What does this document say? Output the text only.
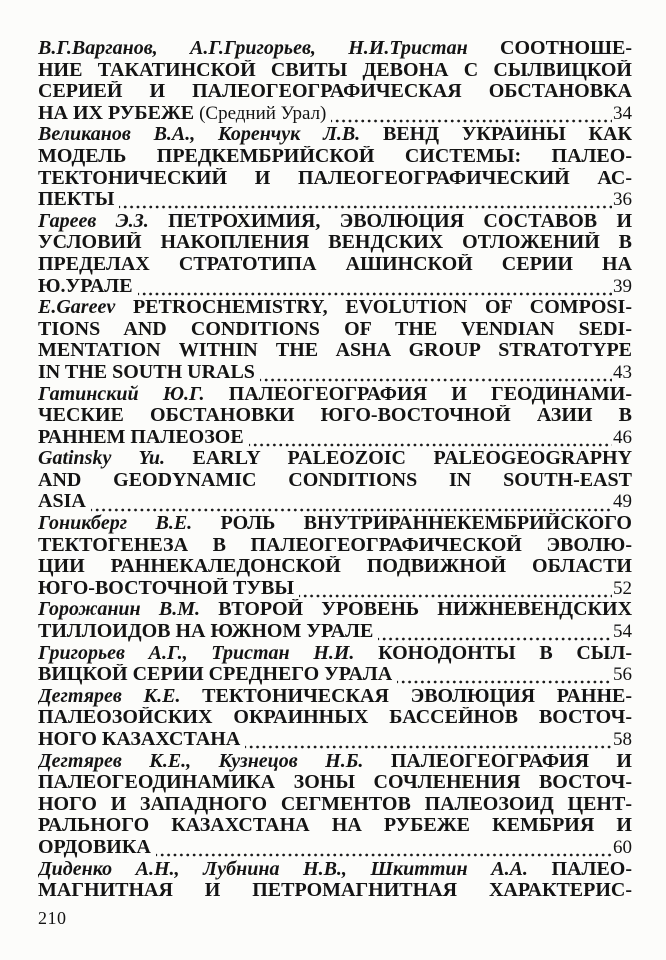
В.Г.Варганов, А.Г.Григорьев, Н.И.Тристан СООТНОШЕ-
НИЕ ТАКАТИНСКОЙ СВИТЫ ДЕВОНА С СЫЛВИЦКОЙ
СЕРИЕЙ И ПАЛЕОГЕОГРАФИЧЕСКАЯ ОБСТАНОВКА
НА ИХ РУБЕЖЕ (Средний Урал)	34
Великанов В.А., Коренчук Л.В. ВЕНД УКРАИНЫ КАК
МОДЕЛЬ ПРЕДКЕМБРИЙСКОЙ СИСТЕМЫ: ПАЛЕО-
ТЕКТОНИЧЕСКИЙ И ПАЛЕОГЕОГРАФИЧЕСКИЙ АС-
ПЕКТЫ	36
Гареев Э.З. ПЕТРОХИМИЯ, ЭВОЛЮЦИЯ СОСТАВОВ И
УСЛОВИЙ НАКОПЛЕНИЯ ВЕНДСКИХ ОТЛОЖЕНИЙ В
ПРЕДЕЛАХ СТРАТОТИПА АШИНСКОЙ СЕРИИ НА
Ю.УРАЛЕ	39
E.Gareev PETROCHEMISTRY, EVOLUTION OF COMPOSI-
TIONS AND CONDITIONS OF THE VENDIAN SEDI-
MENTATION WITHIN THE ASHA GROUP STRATOTYPE
IN THE SOUTH URALS	43
Гатинский Ю.Г. ПАЛЕОГЕОГРАФИЯ И ГЕОДИНАМИ-
ЧЕСКИЕ ОБСТАНОВКИ ЮГО-ВОСТОЧНОЙ АЗИИ В
РАННЕМ ПАЛЕОЗОЕ	46
Gatinsky Yu. EARLY PALEOZOIC PALEOGEOGRAPHY
AND GEODYNAMIC CONDITIONS IN SOUTH-EAST
ASIA	49
Гоникберг В.Е. РОЛЬ ВНУТРИРАННЕКЕМБРИЙСКОГО
ТЕКТОГЕНЕЗА В ПАЛЕОГЕОГРАФИЧЕСКОЙ ЭВОЛЮ-
ЦИИ РАННЕКАЛЕДОНСКОЙ ПОДВИЖНОЙ ОБЛАСТИ
ЮГО-ВОСТОЧНОЙ ТУВЫ	52
Горожанин В.М. ВТОРОЙ УРОВЕНЬ НИЖНЕВЕНДСКИХ
ТИЛЛОИДОВ НА ЮЖНОМ УРАЛЕ	54
Григорьев А.Г., Тристан Н.И. КОНОДОНТЫ В СЫЛ-
ВИЦКОЙ СЕРИИ СРЕДНЕГО УРАЛА	56
Дегтярев К.Е. ТЕКТОНИЧЕСКАЯ ЭВОЛЮЦИЯ РАННЕ-
ПАЛЕОЗОЙСКИХ ОКРАИННЫХ БАССЕЙНОВ ВОСТОЧ-
НОГО КАЗАХСТАНА	58
Дегтярев К.Е., Кузнецов Н.Б. ПАЛЕОГЕОГРАФИЯ И
ПАЛЕОГЕОДИНАМИКА ЗОНЫ СОЧЛЕНЕНИЯ ВОСТОЧ-
НОГО И ЗАПАДНОГО СЕГМЕНТОВ ПАЛЕОЗОИД ЦЕНТ-
РАЛЬНОГО КАЗАХСТАНА НА РУБЕЖЕ КЕМБРИЯ И
ОРДОВИКА	60
Диденко А.Н., Лубнина Н.В., Шкиттин А.А. ПАЛЕО-
МАГНИТНАЯ И ПЕТРОМАГНИТНАЯ ХАРАКТЕРИС-
210
